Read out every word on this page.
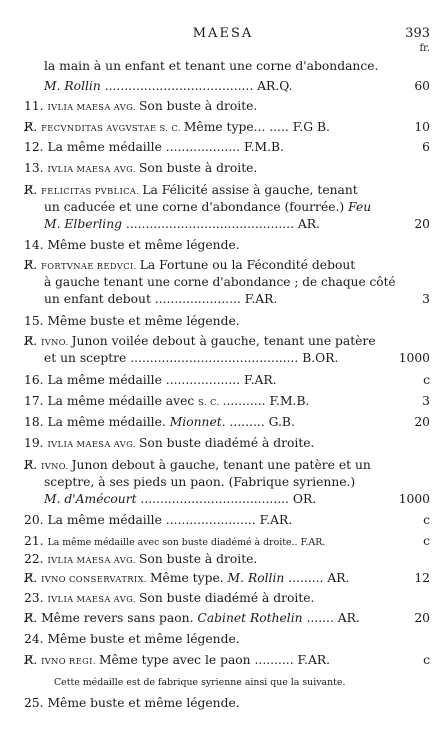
MAESA	393
fr.
la main à un enfant et tenant une corne d'abondance.
M. Rollin ...................................... AR.Q.	60
11. IVLIA MAESA AVG. Son buste à droite.
R̸. FECVNDITAS AVGVSTAE S. C. Même type... ..... F.G B.	10
12. La même médaille ................... F.M.B.	6
13. IVLIA MAESA AVG. Son buste à droite.
R̸. FELICITAS PVBLICA. La Félicité assise à gauche, tenant
un caducée et une corne d'abondance (fourrée.) Feu
M. Elberling ........................................... AR.	20
14. Même buste et même légende.
R̸. FORTVNAE REDVCI. La Fortune ou la Fécondité debout
à gauche tenant une corne d'abondance ; de chaque côté
un enfant debout ...................... F.AR.	3
15. Même buste et même légende.
R̸. IVNO. Junon voilée debout à gauche, tenant une patère
et un sceptre ........................................... B.OR.	1000
16. La même médaille ................... F.AR.	c
17. La même médaille avec S. C. ........... F.M.B.	3
18. La même médaille. Mionnet. ......... G.B.	20
19. IVLIA MAESA AVG. Son buste diadémé à droite.
R̸. IVNO. Junon debout à gauche, tenant une patère et un
sceptre, à ses pieds un paon. (Fabrique syrienne.)
M. d'Amécourt ...................................... OR.	1000
20. La même médaille ....................... F.AR.	c
21. La même médaille avec son buste diadémé à droite.. F.AR.	c
22. IVLIA MAESA AVG. Son buste à droite.
R̸. IVNO CONSERVATRIX. Même type. M. Rollin ......... AR.	12
23. IVLIA MAESA AVG. Son buste diadémé à droite.
R̸. Même revers sans paon. Cabinet Rothelin ....... AR.	20
24. Même buste et même légende.
R̸. IVNO REGI. Même type avec le paon .......... F.AR.	c
Cette médaille est de fabrique syrienne ainsi que la suivante.
25. Même buste et même légende.
